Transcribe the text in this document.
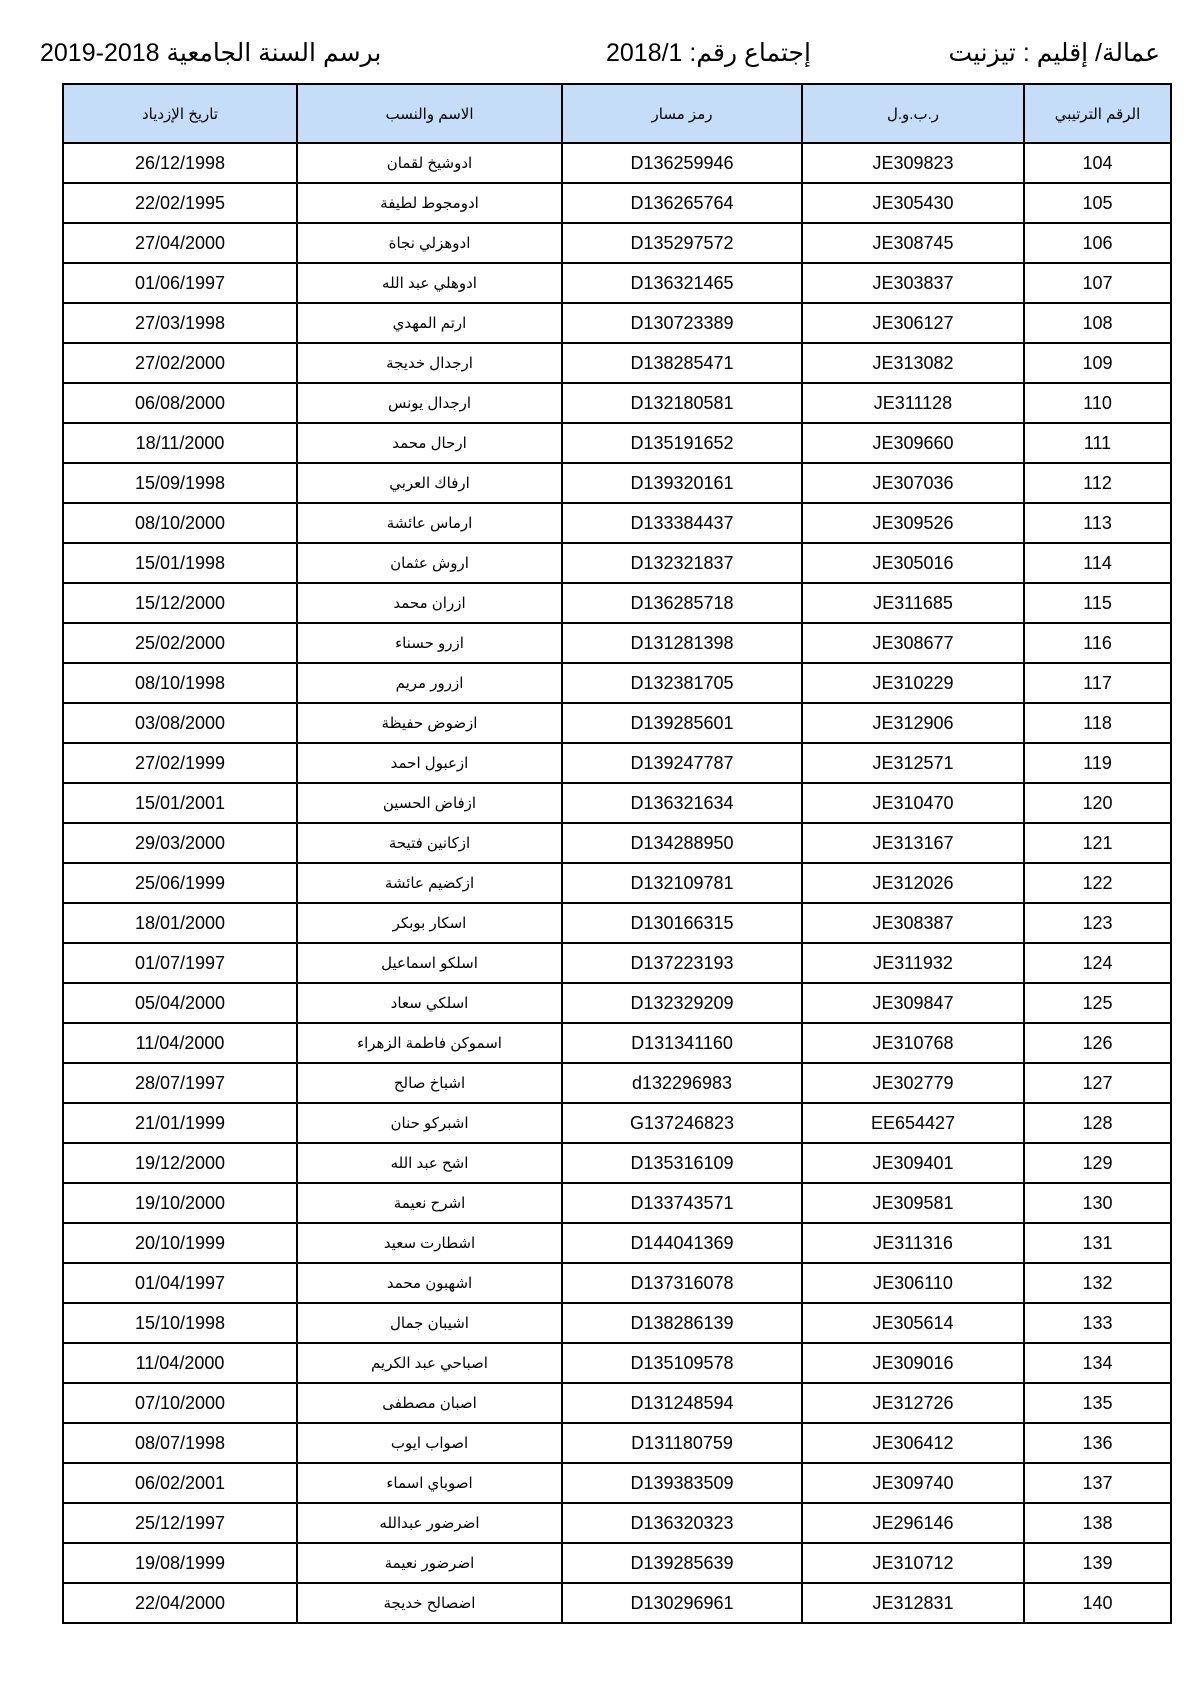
برسم السنة الجامعية 2018-2019	إجتماع رقم: 2018/1	عمالة/ إقليم : تيزنيت
تاريخ الإزدياد	الاسم والنسب	رمز مسار	ر.ب.و.ل	الرقم الترتيبي
26/12/1998	ادوشيخ لقمان	D136259946	JE309823	104
22/02/1995	ادومجوط لطيفة	D136265764	JE305430	105
27/04/2000	ادوهزلي نجاة	D135297572	JE308745	106
01/06/1997	ادوهلي عبد الله	D136321465	JE303837	107
27/03/1998	ارتم المهدي	D130723389	JE306127	108
27/02/2000	ارجدال خديجة	D138285471	JE313082	109
06/08/2000	ارجدال يونس	D132180581	JE311128	110
18/11/2000	ارحال محمد	D135191652	JE309660	111
15/09/1998	ارفاك العربي	D139320161	JE307036	112
08/10/2000	ارماس عائشة	D133384437	JE309526	113
15/01/1998	اروش عثمان	D132321837	JE305016	114
15/12/2000	ازران محمد	D136285718	JE311685	115
25/02/2000	ازرو حسناء	D131281398	JE308677	116
08/10/1998	ازرور مريم	D132381705	JE310229	117
03/08/2000	ازضوض حفيظة	D139285601	JE312906	118
27/02/1999	ازعبول احمد	D139247787	JE312571	119
15/01/2001	ازفاض الحسين	D136321634	JE310470	120
29/03/2000	ازكانين فتيحة	D134288950	JE313167	121
25/06/1999	ازكضيم عائشة	D132109781	JE312026	122
18/01/2000	اسكار بوبكر	D130166315	JE308387	123
01/07/1997	اسلكو اسماعيل	D137223193	JE311932	124
05/04/2000	اسلكي سعاد	D132329209	JE309847	125
11/04/2000	اسموكن فاطمة الزهراء	D131341160	JE310768	126
28/07/1997	اشباخ صالح	d132296983	JE302779	127
21/01/1999	اشبركو حنان	G137246823	EE654427	128
19/12/2000	اشح عبد الله	D135316109	JE309401	129
19/10/2000	اشرح نعيمة	D133743571	JE309581	130
20/10/1999	اشطارت سعيد	D144041369	JE311316	131
01/04/1997	اشهبون محمد	D137316078	JE306110	132
15/10/1998	اشيبان جمال	D138286139	JE305614	133
11/04/2000	اصباحي عبد الكريم	D135109578	JE309016	134
07/10/2000	اصبان مصطفى	D131248594	JE312726	135
08/07/1998	اصواب ايوب	D131180759	JE306412	136
06/02/2001	اصوباي اسماء	D139383509	JE309740	137
25/12/1997	اضرضور عبدالله	D136320323	JE296146	138
19/08/1999	اضرضور نعيمة	D139285639	JE310712	139
22/04/2000	اضصالح خديجة	D130296961	JE312831	140
